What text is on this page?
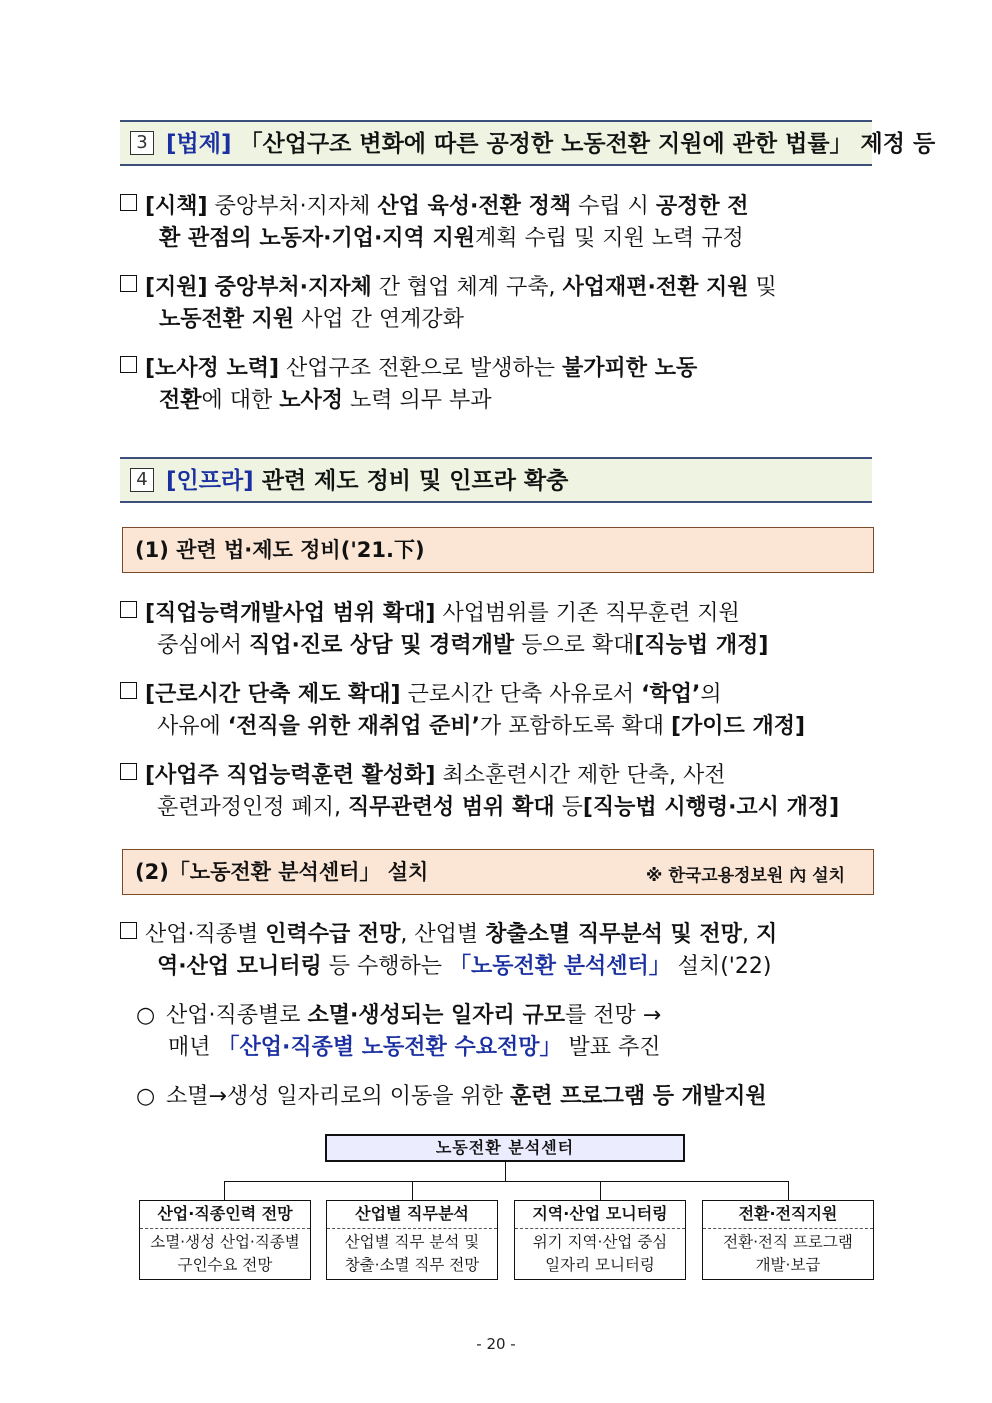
3 [법제] 「산업구조 변화에 따른 공정한 노동전환 지원에 관한 법률」 제정 등
[시책] 중앙부처·지자체 산업 육성·전환 정책 수립 시 공정한 전
환 관점의 노동자·기업·지역 지원계획 수립 및 지원 노력 규정
[지원] 중앙부처·지자체 간 협업 체계 구축, 사업재편·전환 지원 및
노동전환 지원 사업 간 연계강화
[노사정 노력] 산업구조 전환으로 발생하는 불가피한 노동
전환에 대한 노사정 노력 의무 부과
4 [인프라] 관련 제도 정비 및 인프라 확충
(1) 관련 법·제도 정비('21.下)
[직업능력개발사업 범위 확대] 사업범위를 기존 직무훈련 지원
중심에서 직업·진로 상담 및 경력개발 등으로 확대[직능법 개정]
[근로시간 단축 제도 확대] 근로시간 단축 사유로서 ‘학업’의
사유에 ‘전직을 위한 재취업 준비’가 포함하도록 확대 [가이드 개정]
[사업주 직업능력훈련 활성화] 최소훈련시간 제한 단축, 사전
훈련과정인정 폐지, 직무관련성 범위 확대 등[직능법 시행령·고시 개정]
(2)「노동전환 분석센터」 설치	※ 한국고용정보원 內 설치
산업·직종별 인력수급 전망, 산업별 창출소멸 직무분석 및 전망, 지
역·산업 모니터링 등 수행하는 「노동전환 분석센터」 설치('22)
○ 산업·직종별로 소멸·생성되는 일자리 규모를 전망 →
매년 「산업·직종별 노동전환 수요전망」 발표 추진
○ 소멸→생성 일자리로의 이동을 위한 훈련 프로그램 등 개발지원
노동전환 분석센터
산업·직종인력 전망
소멸·생성 산업·직종별
구인수요 전망
산업별 직무분석
산업별 직무 분석 및
창출·소멸 직무 전망
지역·산업 모니터링
위기 지역·산업 중심
일자리 모니터링
전환·전직지원
전환·전직 프로그램
개발·보급
- 20 -
